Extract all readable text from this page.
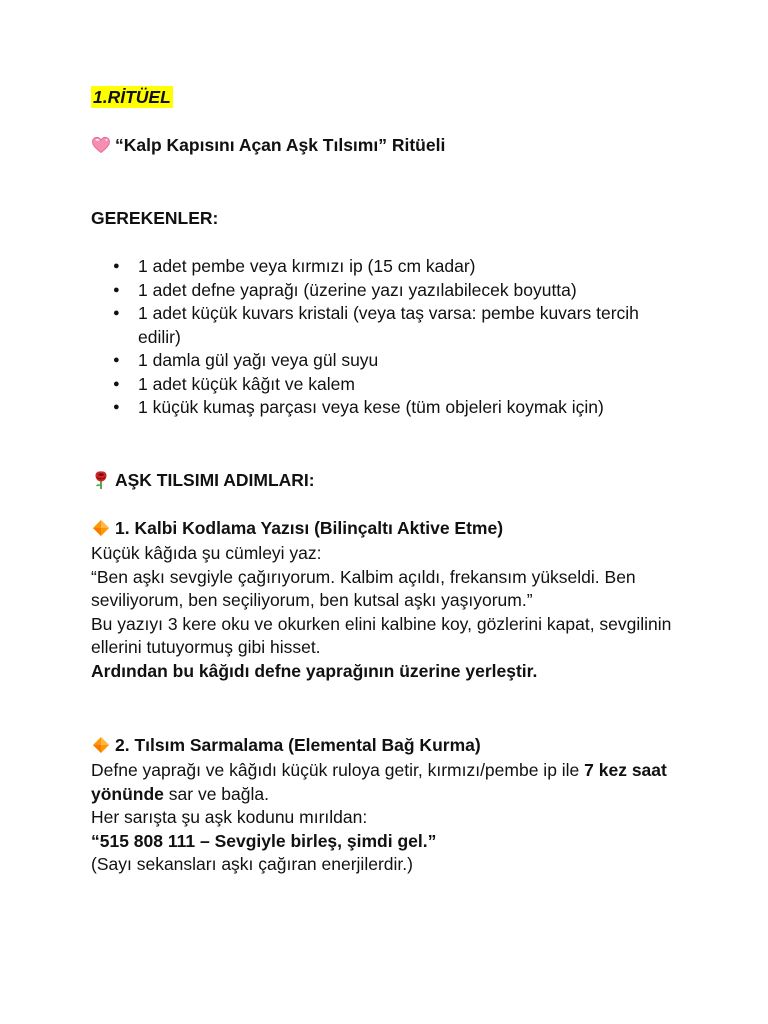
1.RİTÜEL
“Kalp Kapısını Açan Aşk Tılsımı” Ritüeli
GEREKENLER:
● 1 adet pembe veya kırmızı ip (15 cm kadar)
● 1 adet defne yaprağı (üzerine yazı yazılabilecek boyutta)
● 1 adet küçük kuvars kristali (veya taş varsa: pembe kuvars tercih edilir)
● 1 damla gül yağı veya gül suyu
● 1 adet küçük kâğıt ve kalem
● 1 küçük kumaş parçası veya kese (tüm objeleri koymak için)
AŞK TILSIMI ADIMLARI:
1. Kalbi Kodlama Yazısı (Bilinçaltı Aktive Etme)

Küçük kâğıda şu cümleyi yaz:

“Ben aşkı sevgiyle çağırıyorum. Kalbim açıldı, frekansım yükseldi. Ben seviliyorum, ben seçiliyorum, ben kutsal aşkı yaşıyorum.”

Bu yazıyı 3 kere oku ve okurken elini kalbine koy, gözlerini kapat, sevgilinin ellerini tutuyormuş gibi hisset.

Ardından bu kâğıdı defne yaprağının üzerine yerleştir.

2. Tılsım Sarmalama (Elemental Bağ Kurma)

Defne yaprağı ve kâğıdı küçük ruloya getir, kırmızı/pembe ip ile 7 kez saat yönünde sar ve bağla.

Her sarışta şu aşk kodunu mırıldan:

“515 808 111 – Sevgiyle birleş, şimdi gel.”

(Sayı sekansları aşkı çağıran enerjilerdir.)
